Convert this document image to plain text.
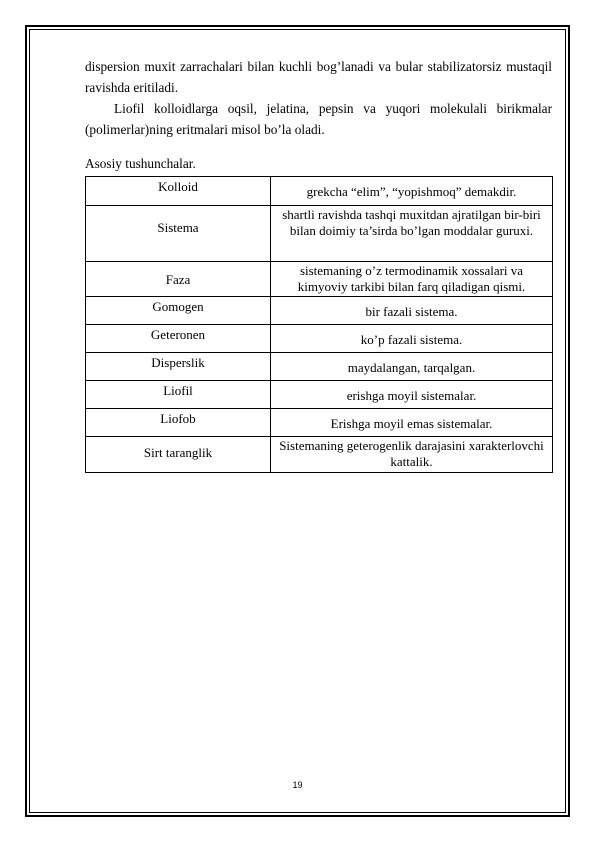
dispersion muxit zarrachalari bilan kuchli bog’lanadi va bular stabilizatorsiz mustaqil ravishda eritiladi.

Liofil kolloidlarga oqsil, jelatina, pepsin va yuqori molekulali birikmalar (polimerlar)ning eritmalari misol bo’la oladi.

Asosiy tushunchalar.

Kolloid	grekcha “elim”, “yopishmoq” demakdir.
Sistema	shartli ravishda tashqi muxitdan ajratilgan bir-biri bilan doimiy ta’sirda bo’lgan moddalar guruxi.
Faza	sistemaning o’z termodinamik xossalari va kimyoviy tarkibi bilan farq qiladigan qismi.
Gomogen	bir fazali sistema.
Geteronen	ko’p fazali sistema.
Disperslik	maydalangan, tarqalgan.
Liofil	erishga moyil sistemalar.
Liofob	Erishga moyil emas sistemalar.
Sirt taranglik	Sistemaning geterogenlik darajasini xarakterlovchi kattalik.
19
